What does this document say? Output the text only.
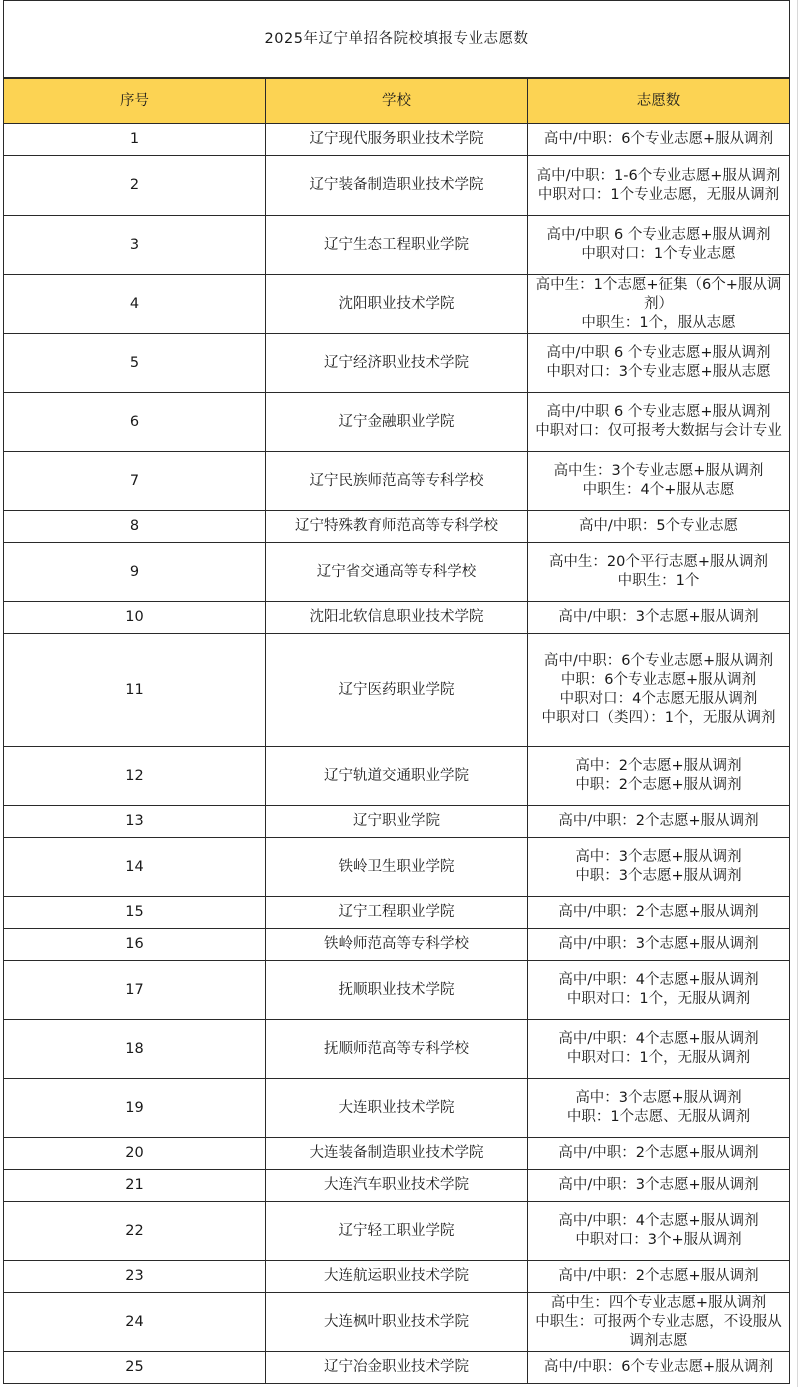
2025年辽宁单招各院校填报专业志愿数		
序号	学校	志愿数
1	辽宁现代服务职业技术学院	高中/中职：6个专业志愿+服从调剂

2	辽宁装备制造职业技术学院	高中/中职：1-6个专业志愿+服从调剂
中职对口：1个专业志愿，无服从调剂

3	辽宁生态工程职业学院	高中/中职 6 个专业志愿+服从调剂
中职对口：1个专业志愿

4	沈阳职业技术学院	高中生：1个志愿+征集（6个+服从调剂）
中职生：1个，服从志愿

5	辽宁经济职业技术学院	高中/中职 6 个专业志愿+服从调剂
中职对口：3个专业志愿+服从志愿

6	辽宁金融职业学院	高中/中职 6 个专业志愿+服从调剂
中职对口：仅可报考大数据与会计专业

7	辽宁民族师范高等专科学校	高中生：3个专业志愿+服从调剂
中职生：4个+服从志愿

8	辽宁特殊教育师范高等专科学校	高中/中职：5个专业志愿

9	辽宁省交通高等专科学校	高中生：20个平行志愿+服从调剂
中职生：1个

10	沈阳北软信息职业技术学院	高中/中职：3个志愿+服从调剂

11	辽宁医药职业学院	高中/中职：6个专业志愿+服从调剂
中职：6个专业志愿+服从调剂
中职对口：4个志愿无服从调剂
中职对口（类四）：1个，无服从调剂

12	辽宁轨道交通职业学院	高中：2个志愿+服从调剂
中职：2个志愿+服从调剂

13	辽宁职业学院	高中/中职：2个志愿+服从调剂

14	铁岭卫生职业学院	高中：3个志愿+服从调剂
中职：3个志愿+服从调剂

15	辽宁工程职业学院	高中/中职：2个志愿+服从调剂

16	铁岭师范高等专科学校	高中/中职：3个志愿+服从调剂

17	抚顺职业技术学院	高中/中职：4个志愿+服从调剂
中职对口：1个，无服从调剂

18	抚顺师范高等专科学校	高中/中职：4个志愿+服从调剂
中职对口：1个，无服从调剂

19	大连职业技术学院	高中：3个志愿+服从调剂
中职：1个志愿、无服从调剂

20	大连装备制造职业技术学院	高中/中职：2个志愿+服从调剂

21	大连汽车职业技术学院	高中/中职：3个志愿+服从调剂

22	辽宁轻工职业学院	高中/中职：4个志愿+服从调剂
中职对口：3个+服从调剂

23	大连航运职业技术学院	高中/中职：2个志愿+服从调剂

24	大连枫叶职业技术学院	高中生：四个专业志愿+服从调剂
中职生：可报两个专业志愿，不设服从调剂志愿

25	辽宁冶金职业技术学院	高中/中职：6个专业志愿+服从调剂
